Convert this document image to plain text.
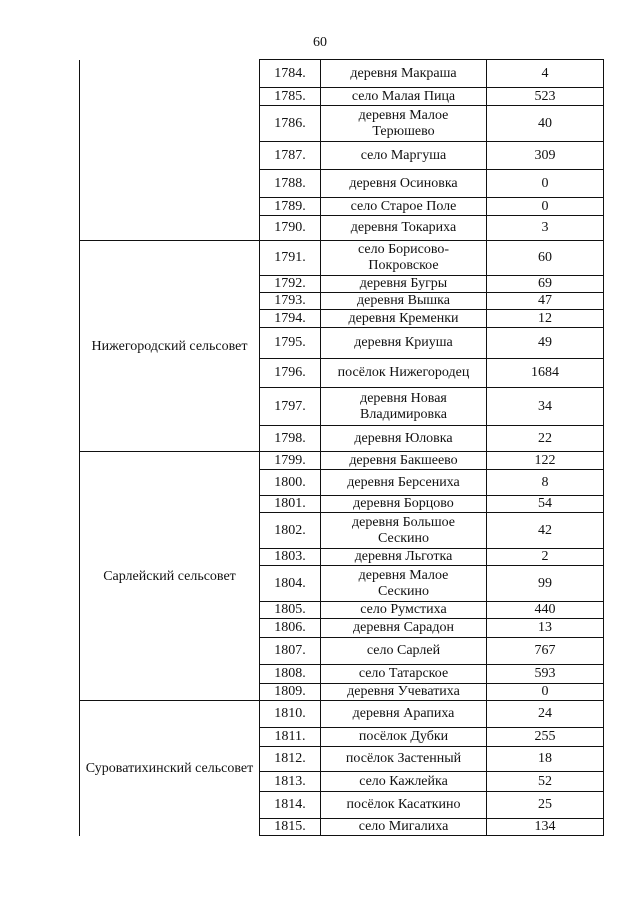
60
	1784.	деревня Макраша	4
	1785.	село Малая Пица	523
	1786.	деревня Малое
Терюшево	40
	1787.	село Маргуша	309
	1788.	деревня Осиновка	0
	1789.	село Старое Поле	0
	1790.	деревня Токариха	3

Нижегородский сельсовет	1791.	село Борисово-
Покровское	60
	1792.	деревня Бугры	69
	1793.	деревня Вышка	47
	1794.	деревня Кременки	12
	1795.	деревня Криуша	49
	1796.	посёлок Нижегородец	1684
	1797.	деревня Новая
Владимировка	34
	1798.	деревня Юловка	22

Сарлейский сельсовет	1799.	деревня Бакшеево	122
	1800.	деревня Берсениха	8
	1801.	деревня Борцово	54
	1802.	деревня Большое
Сескино	42
	1803.	деревня Льготка	2
	1804.	деревня Малое
Сескино	99
	1805.	село Румстиха	440
	1806.	деревня Сарадон	13
	1807.	село Сарлей	767
	1808.	село Татарское	593
	1809.	деревня Учеватиха	0

Суроватихинский сельсовет	1810.	деревня Арапиха	24
	1811.	посёлок Дубки	255
	1812.	посёлок Застенный	18
	1813.	село Кажлейка	52
	1814.	посёлок Касаткино	25
	1815.	село Мигалиха	134
